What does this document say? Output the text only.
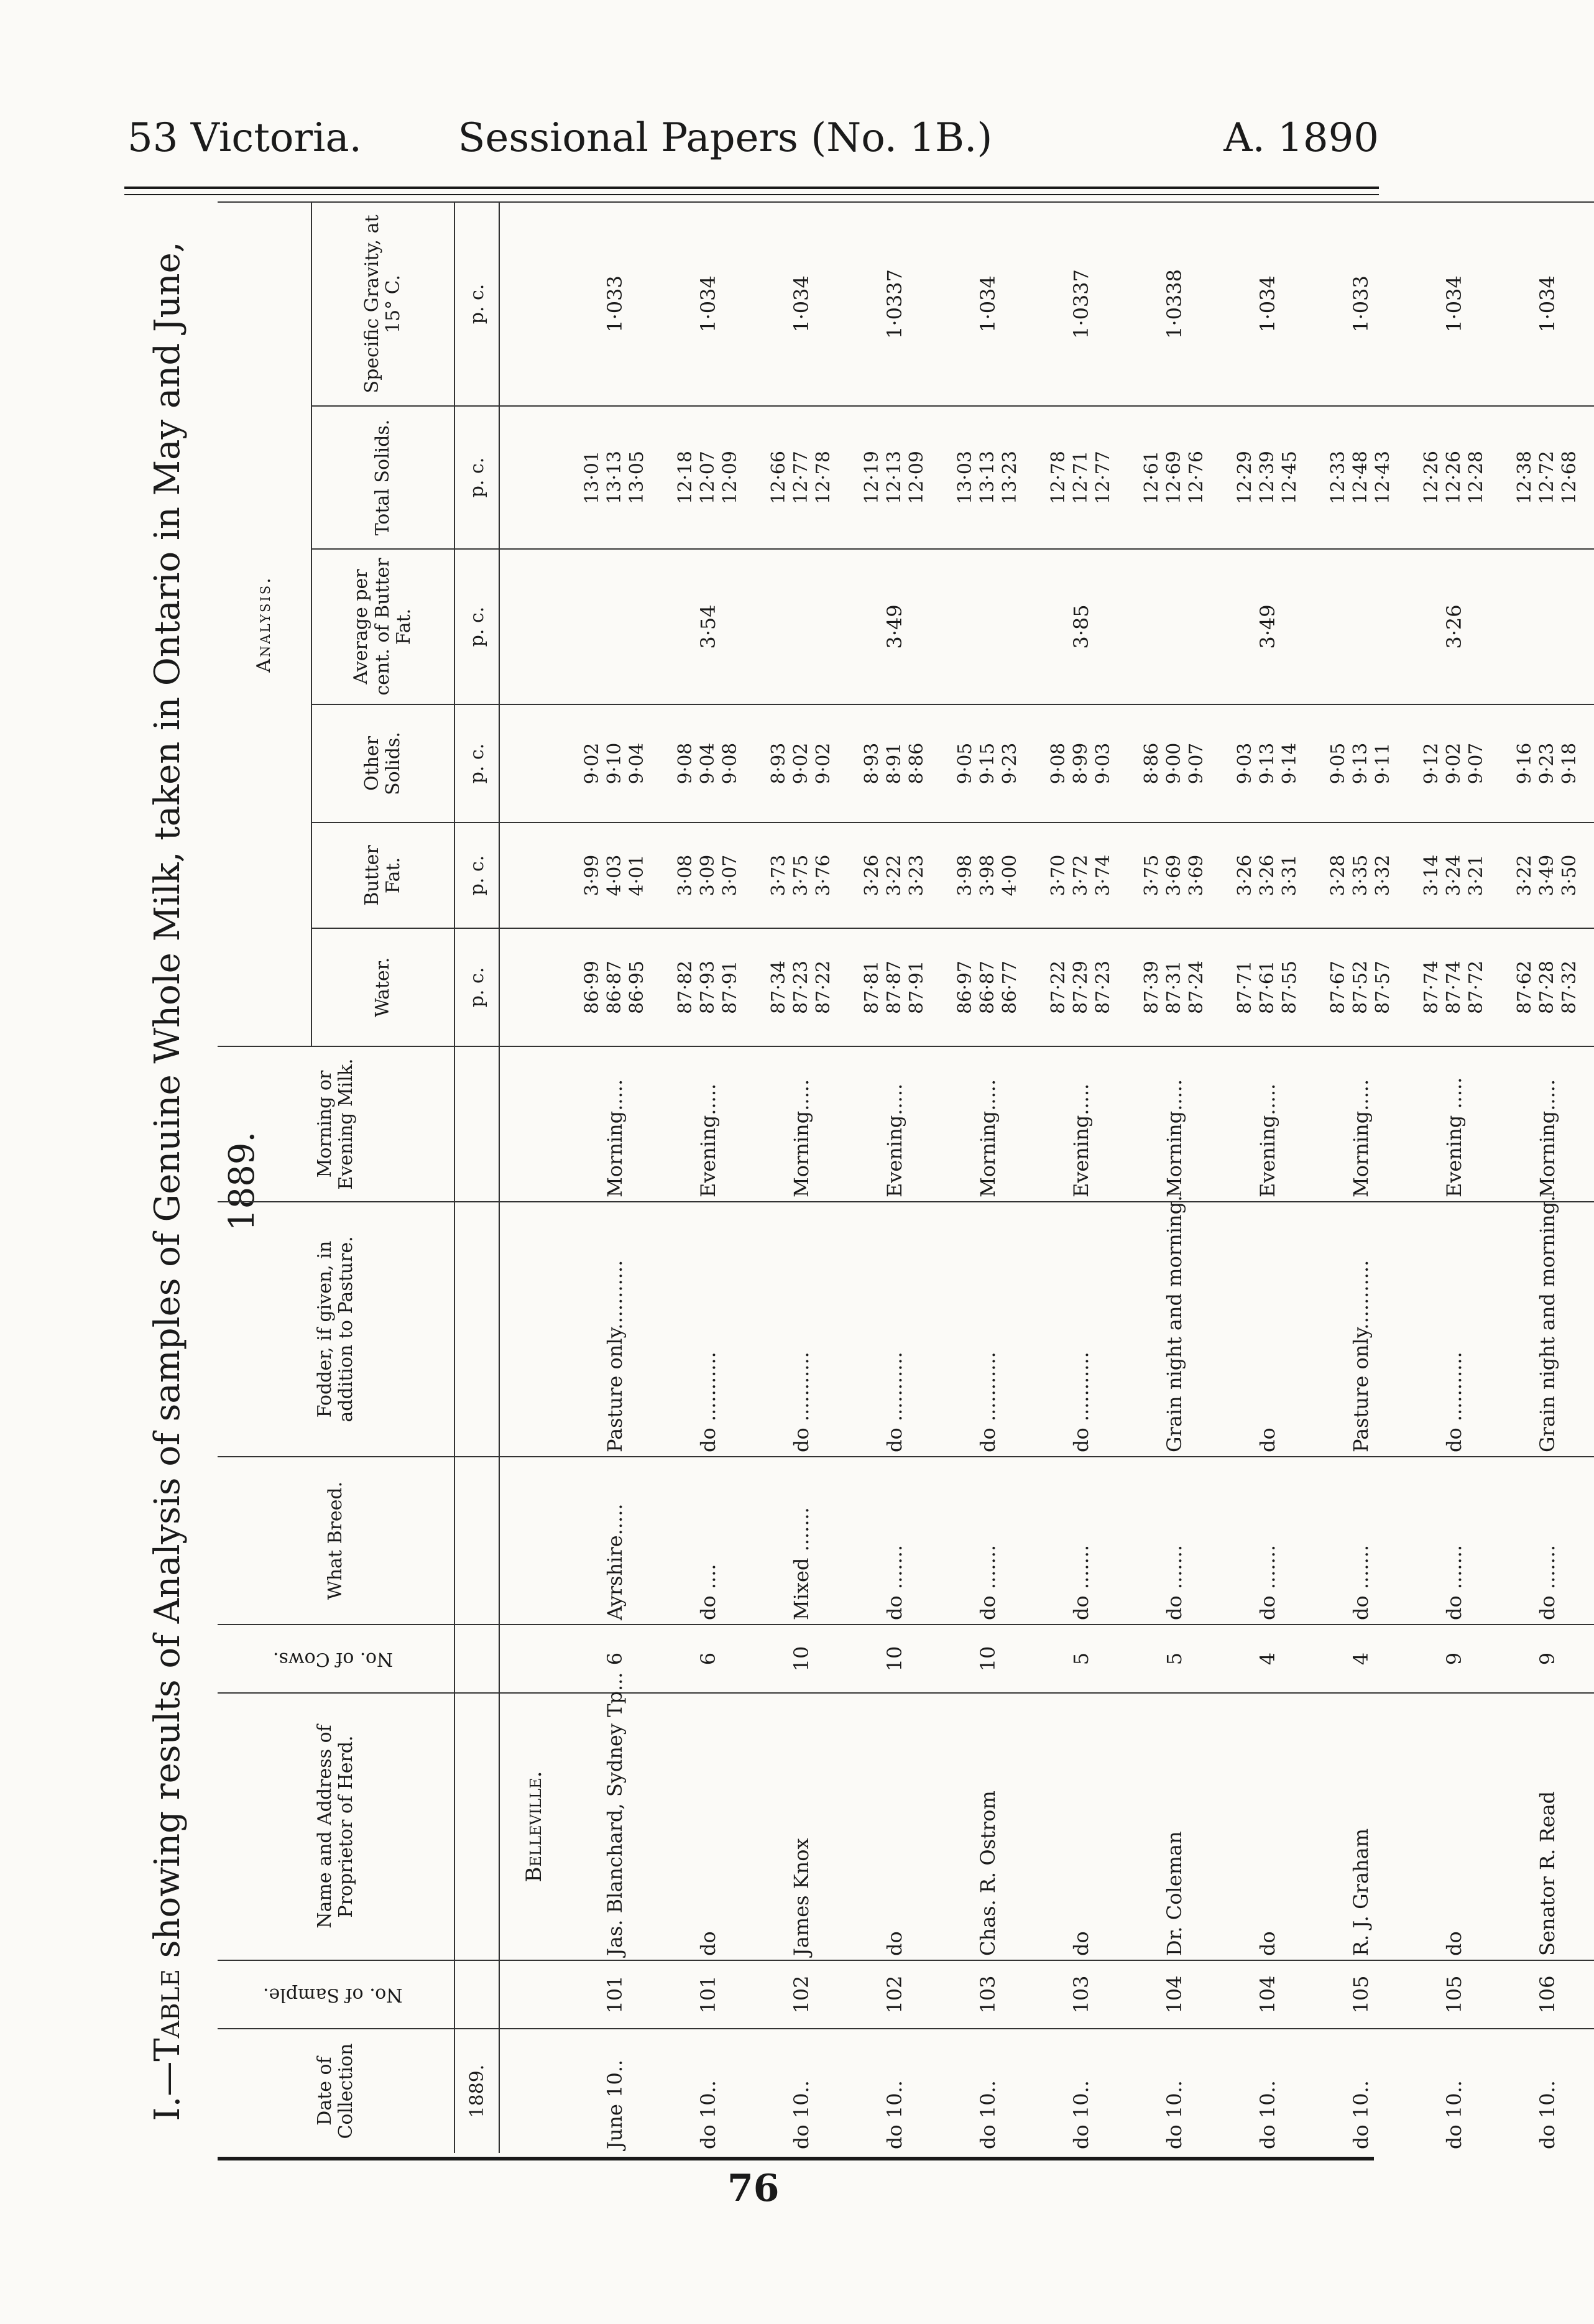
53 Victoria.	Sessional Papers (No. 1B.)	A. 1890
I.—Table showing results of Analysis of samples of Genuine Whole Milk, taken in Ontario in May and June, 1889.
Date of Collection	No. of Sample.	Name and Address of Proprietor of Herd.	No. of Cows.	What Breed.	Fodder, if given, in addition to Pasture.	Morning or Evening Milk.	Analysis.					
							Water.	Butter Fat.	Other Solids.	Average per cent. of Butter Fat.	Total Solids.	Specific Gravity, at 15° C.
1889.							p. c.	p. c.	p. c.	p. c.	p. c.	p. c.
		Belleville.										
June 10..	101	Jas. Blanchard, Sydney Tp...	6	Ayrshire.....	Pasture only...........	Morning.....	86·99 86·87 86·95	3·99 4·03 4·01	9·02 9·10 9·04		13·01 13·13 13·05	1·033
do 10..	101	do	6	do ....	do ...........	Evening.....	87·82 87·93 87·91	3·08 3·09 3·07	9·08 9·04 9·08	3·54	12·18 12·07 12·09	1·034
do 10..	102	James Knox	10	Mixed .......	do ...........	Morning.....	87·34 87·23 87·22	3·73 3·75 3·76	8·93 9·02 9·02		12·66 12·77 12·78	1·034
do 10..	102	do	10	do .......	do ...........	Evening.....	87·81 87·87 87·91	3·26 3·22 3·23	8·93 8·91 8·86	3·49	12·19 12·13 12·09	1·0337
do 10..	103	Chas. R. Ostrom	10	do .......	do ...........	Morning.....	86·97 86·87 86·77	3·98 3·98 4·00	9·05 9·15 9·23		13·03 13·13 13·23	1·034
do 10..	103	do	5	do .......	do ...........	Evening.....	87·22 87·29 87·23	3·70 3·72 3·74	9·08 8·99 9·03	3·85	12·78 12·71 12·77	1·0337
do 10..	104	Dr. Coleman	5	do .......	Grain night and morning.	Morning.....	87·39 87·31 87·24	3·75 3·69 3·69	8·86 9·00 9·07		12·61 12·69 12·76	1·0338
do 10..	104	do	4	do .......	do	Evening.....	87·71 87·61 87·55	3·26 3·26 3·31	9·03 9·13 9·14	3·49	12·29 12·39 12·45	1·034
do 10..	105	R. J. Graham	4	do .......	Pasture only...........	Morning.....	87·67 87·52 87·57	3·28 3·35 3·32	9·05 9·13 9·11		12·33 12·48 12·43	1·033
do 10..	105	do	9	do .......	do ...........	Evening .....	87·74 87·74 87·72	3·14 3·24 3·21	9·12 9·02 9·07	3·26	12·26 12·26 12·28	1·034
do 10..	106	Senator R. Read	9	do .......	Grain night and morning.	Morning.....	87·62 87·28 87·32	3·22 3·49 3·50	9·16 9·23 9·18		12·38 12·72 12·68	1·034
76
